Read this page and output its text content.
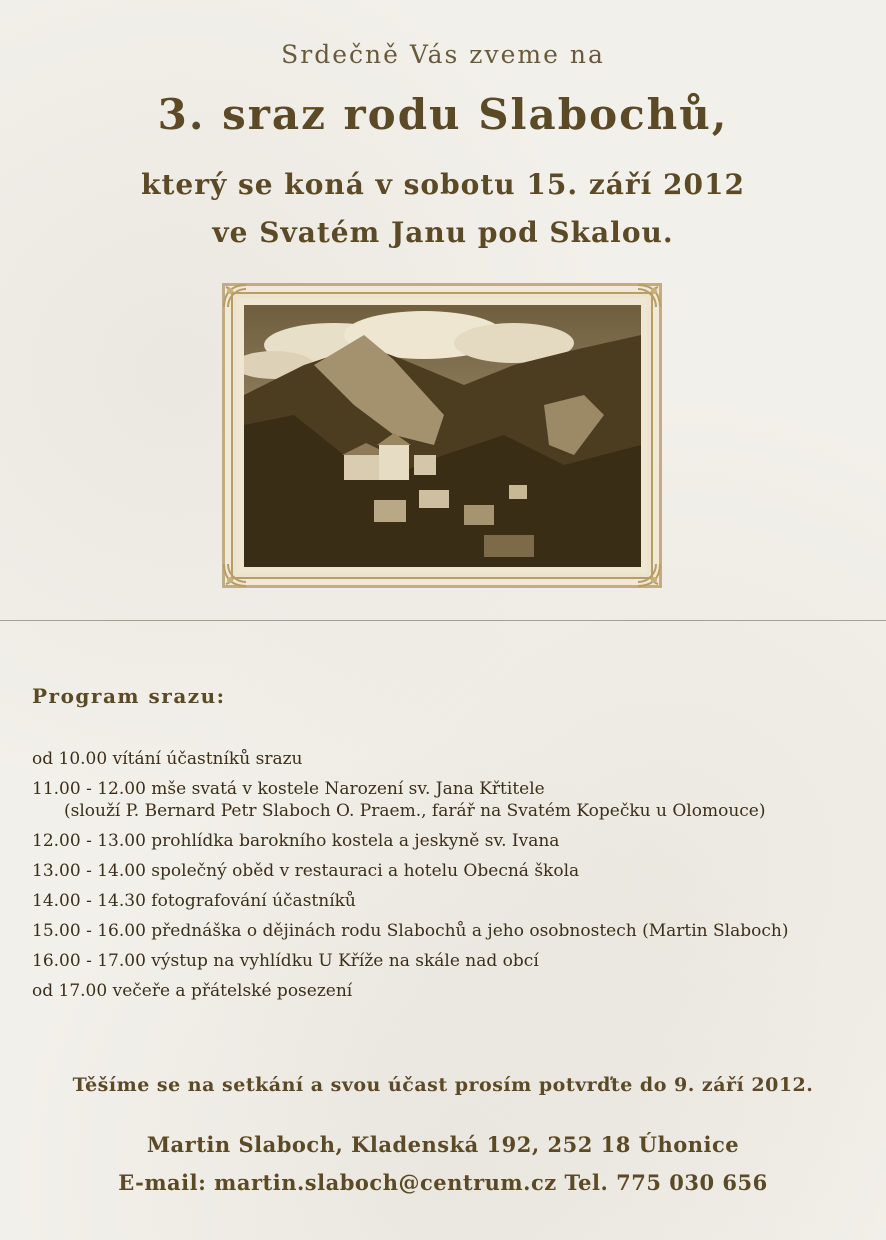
Srdečně Vás zveme na
3. sraz rodu Slabochů,
který se koná v sobotu 15. září 2012
ve Svatém Janu pod Skalou.
Program srazu:
od 10.00 vítání účastníků srazu
11.00 - 12.00 mše svatá v kostele Narození sv. Jana Křtitele
(slouží P. Bernard Petr Slaboch O. Praem., farář na Svatém Kopečku u Olomouce)
12.00 - 13.00 prohlídka barokního kostela a jeskyně sv. Ivana
13.00 - 14.00 společný oběd v restauraci a hotelu Obecná škola
14.00 - 14.30 fotografování účastníků
15.00 - 16.00 přednáška o dějinách rodu Slabochů a jeho osobnostech (Martin Slaboch)
16.00 - 17.00 výstup na vyhlídku U Kříže na skále nad obcí
od 17.00 večeře a přátelské posezení
Těšíme se na setkání a svou účast prosím potvrďte do 9. září 2012.
Martin Slaboch, Kladenská 192, 252 18 Úhonice
E-mail: martin.slaboch@centrum.cz Tel. 775 030 656
